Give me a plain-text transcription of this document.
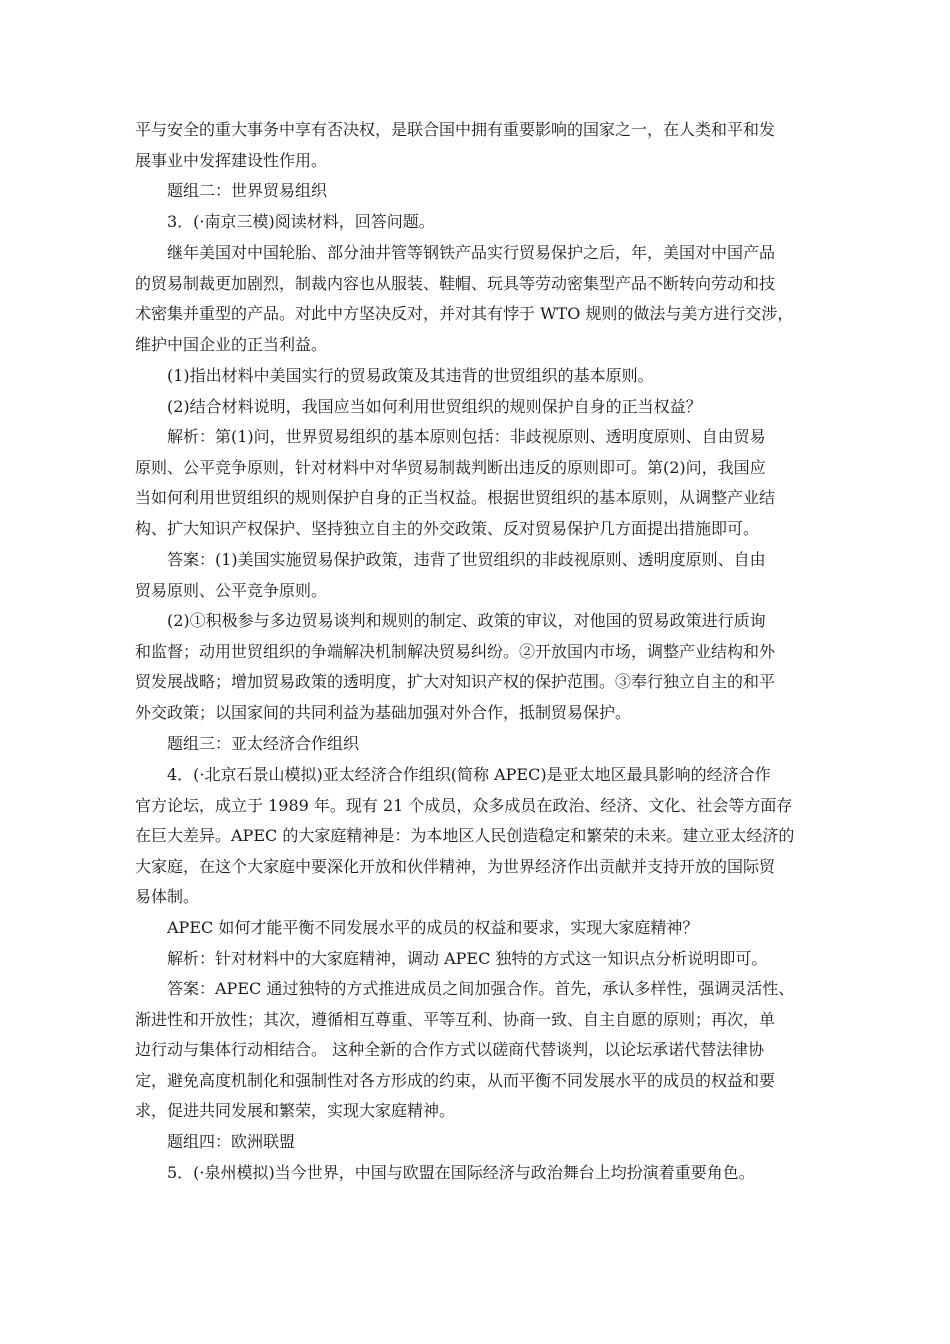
平与安全的重大事务中享有否决权，是联合国中拥有重要影响的国家之一，在人类和平和发
展事业中发挥建设性作用。

题组二：世界贸易组织

3．(·南京三模)阅读材料，回答问题。

继年美国对中国轮胎、部分油井管等钢铁产品实行贸易保护之后，年，美国对中国产品
的贸易制裁更加剧烈，制裁内容也从服装、鞋帽、玩具等劳动密集型产品不断转向劳动和技
术密集并重型的产品。对此中方坚决反对，并对其有悖于 WTO 规则的做法与美方进行交涉，
维护中国企业的正当利益。

(1)指出材料中美国实行的贸易政策及其违背的世贸组织的基本原则。

(2)结合材料说明，我国应当如何利用世贸组织的规则保护自身的正当权益？

解析：第(1)问，世界贸易组织的基本原则包括：非歧视原则、透明度原则、自由贸易
原则、公平竞争原则，针对材料中对华贸易制裁判断出违反的原则即可。第(2)问，我国应
当如何利用世贸组织的规则保护自身的正当权益。根据世贸组织的基本原则，从调整产业结
构、扩大知识产权保护、坚持独立自主的外交政策、反对贸易保护几方面提出措施即可。

答案：(1)美国实施贸易保护政策，违背了世贸组织的非歧视原则、透明度原则、自由
贸易原则、公平竞争原则。

(2)①积极参与多边贸易谈判和规则的制定、政策的审议，对他国的贸易政策进行质询
和监督；动用世贸组织的争端解决机制解决贸易纠纷。②开放国内市场，调整产业结构和外
贸发展战略；增加贸易政策的透明度，扩大对知识产权的保护范围。③奉行独立自主的和平
外交政策；以国家间的共同利益为基础加强对外合作，抵制贸易保护。

题组三：亚太经济合作组织

4．(·北京石景山模拟)亚太经济合作组织(简称 APEC)是亚太地区最具影响的经济合作
官方论坛，成立于 1989 年。现有 21 个成员，众多成员在政治、经济、文化、社会等方面存
在巨大差异。APEC 的大家庭精神是：为本地区人民创造稳定和繁荣的未来。建立亚太经济的
大家庭，在这个大家庭中要深化开放和伙伴精神，为世界经济作出贡献并支持开放的国际贸
易体制。

APEC 如何才能平衡不同发展水平的成员的权益和要求，实现大家庭精神？

解析：针对材料中的大家庭精神，调动 APEC 独特的方式这一知识点分析说明即可。

答案：APEC 通过独特的方式推进成员之间加强合作。首先，承认多样性，强调灵活性、
渐进性和开放性；其次，遵循相互尊重、平等互利、协商一致、自主自愿的原则；再次，单
边行动与集体行动相结合。 这种全新的合作方式以磋商代替谈判，以论坛承诺代替法律协
定，避免高度机制化和强制性对各方形成的约束，从而平衡不同发展水平的成员的权益和要
求，促进共同发展和繁荣，实现大家庭精神。

题组四：欧洲联盟

5．(·泉州模拟)当今世界，中国与欧盟在国际经济与政治舞台上均扮演着重要角色。
